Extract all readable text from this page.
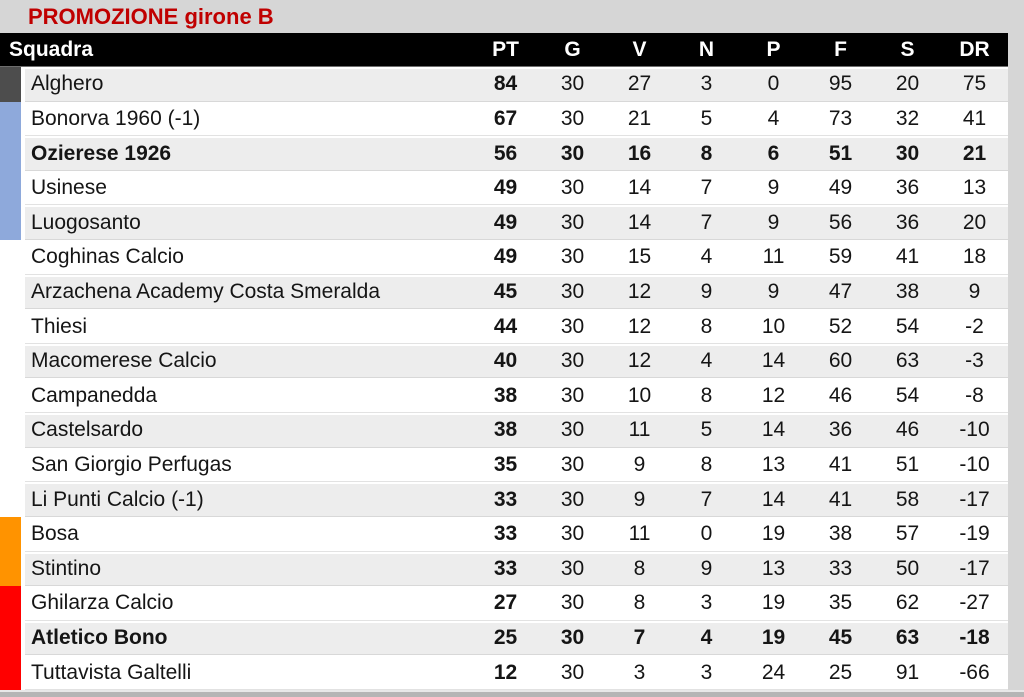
PROMOZIONE girone B
Squadra	PT	G	V	N	P	F	S	DR
Alghero	84	30	27	3	0	95	20	75
Bonorva 1960 (-1)	67	30	21	5	4	73	32	41
Ozierese 1926	56	30	16	8	6	51	30	21
Usinese	49	30	14	7	9	49	36	13
Luogosanto	49	30	14	7	9	56	36	20
Coghinas Calcio	49	30	15	4	11	59	41	18
Arzachena Academy Costa Smeralda	45	30	12	9	9	47	38	9
Thiesi	44	30	12	8	10	52	54	-2
Macomerese Calcio	40	30	12	4	14	60	63	-3
Campanedda	38	30	10	8	12	46	54	-8
Castelsardo	38	30	11	5	14	36	46	-10
San Giorgio Perfugas	35	30	9	8	13	41	51	-10
Li Punti Calcio (-1)	33	30	9	7	14	41	58	-17
Bosa	33	30	11	0	19	38	57	-19
Stintino	33	30	8	9	13	33	50	-17
Ghilarza Calcio	27	30	8	3	19	35	62	-27
Atletico Bono	25	30	7	4	19	45	63	-18
Tuttavista Galtelli	12	30	3	3	24	25	91	-66
